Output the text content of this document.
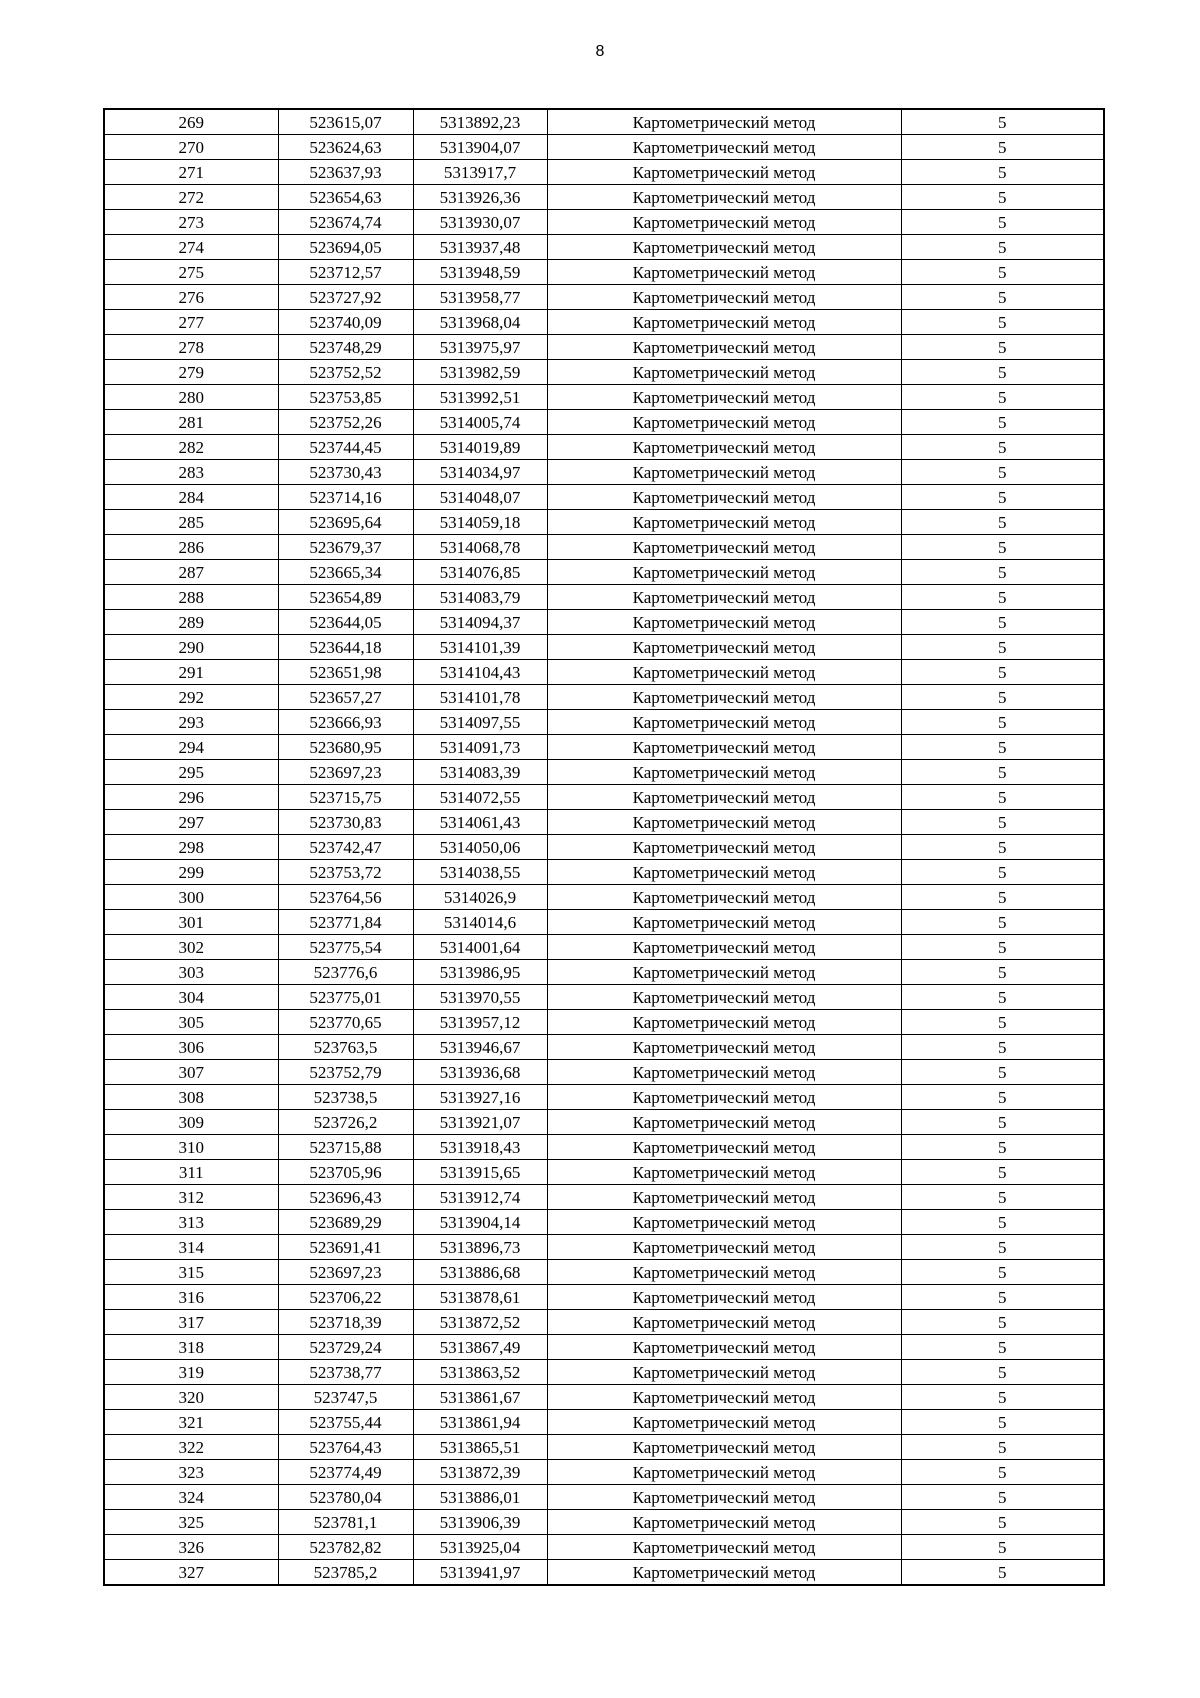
8
269	523615,07	5313892,23	Картометрический метод	5
270	523624,63	5313904,07	Картометрический метод	5
271	523637,93	5313917,7	Картометрический метод	5
272	523654,63	5313926,36	Картометрический метод	5
273	523674,74	5313930,07	Картометрический метод	5
274	523694,05	5313937,48	Картометрический метод	5
275	523712,57	5313948,59	Картометрический метод	5
276	523727,92	5313958,77	Картометрический метод	5
277	523740,09	5313968,04	Картометрический метод	5
278	523748,29	5313975,97	Картометрический метод	5
279	523752,52	5313982,59	Картометрический метод	5
280	523753,85	5313992,51	Картометрический метод	5
281	523752,26	5314005,74	Картометрический метод	5
282	523744,45	5314019,89	Картометрический метод	5
283	523730,43	5314034,97	Картометрический метод	5
284	523714,16	5314048,07	Картометрический метод	5
285	523695,64	5314059,18	Картометрический метод	5
286	523679,37	5314068,78	Картометрический метод	5
287	523665,34	5314076,85	Картометрический метод	5
288	523654,89	5314083,79	Картометрический метод	5
289	523644,05	5314094,37	Картометрический метод	5
290	523644,18	5314101,39	Картометрический метод	5
291	523651,98	5314104,43	Картометрический метод	5
292	523657,27	5314101,78	Картометрический метод	5
293	523666,93	5314097,55	Картометрический метод	5
294	523680,95	5314091,73	Картометрический метод	5
295	523697,23	5314083,39	Картометрический метод	5
296	523715,75	5314072,55	Картометрический метод	5
297	523730,83	5314061,43	Картометрический метод	5
298	523742,47	5314050,06	Картометрический метод	5
299	523753,72	5314038,55	Картометрический метод	5
300	523764,56	5314026,9	Картометрический метод	5
301	523771,84	5314014,6	Картометрический метод	5
302	523775,54	5314001,64	Картометрический метод	5
303	523776,6	5313986,95	Картометрический метод	5
304	523775,01	5313970,55	Картометрический метод	5
305	523770,65	5313957,12	Картометрический метод	5
306	523763,5	5313946,67	Картометрический метод	5
307	523752,79	5313936,68	Картометрический метод	5
308	523738,5	5313927,16	Картометрический метод	5
309	523726,2	5313921,07	Картометрический метод	5
310	523715,88	5313918,43	Картометрический метод	5
311	523705,96	5313915,65	Картометрический метод	5
312	523696,43	5313912,74	Картометрический метод	5
313	523689,29	5313904,14	Картометрический метод	5
314	523691,41	5313896,73	Картометрический метод	5
315	523697,23	5313886,68	Картометрический метод	5
316	523706,22	5313878,61	Картометрический метод	5
317	523718,39	5313872,52	Картометрический метод	5
318	523729,24	5313867,49	Картометрический метод	5
319	523738,77	5313863,52	Картометрический метод	5
320	523747,5	5313861,67	Картометрический метод	5
321	523755,44	5313861,94	Картометрический метод	5
322	523764,43	5313865,51	Картометрический метод	5
323	523774,49	5313872,39	Картометрический метод	5
324	523780,04	5313886,01	Картометрический метод	5
325	523781,1	5313906,39	Картометрический метод	5
326	523782,82	5313925,04	Картометрический метод	5
327	523785,2	5313941,97	Картометрический метод	5
